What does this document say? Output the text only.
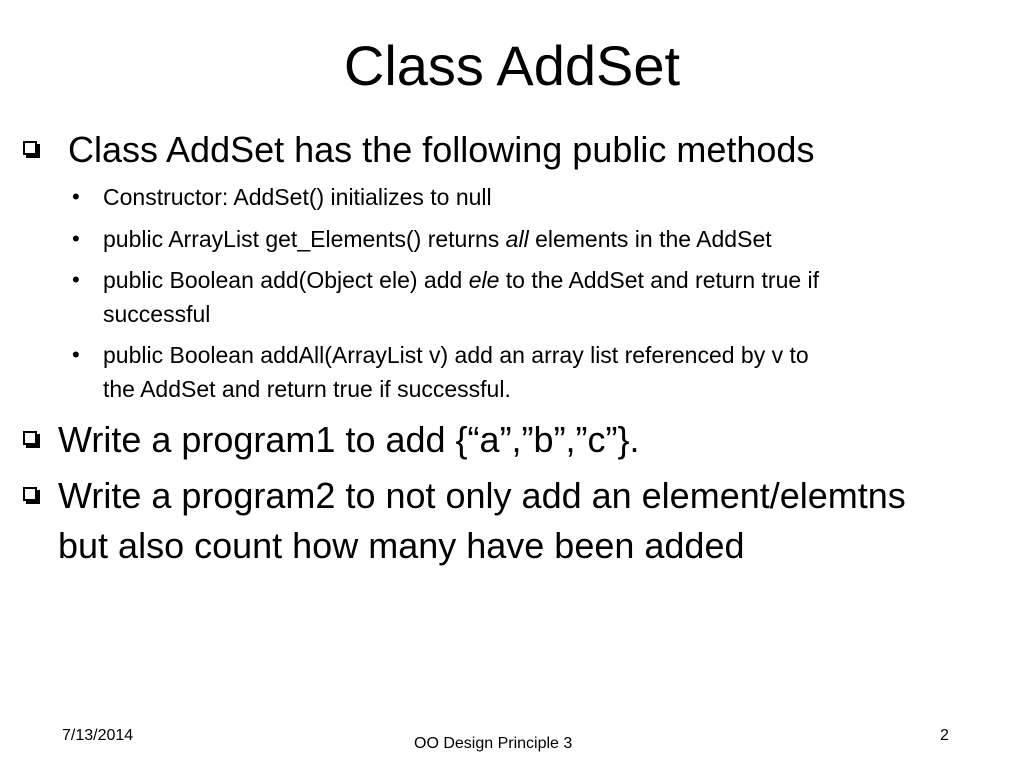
Class AddSet
Class AddSet has the following public methods
• Constructor: AddSet() initializes to null
• public ArrayList get_Elements() returns all elements in the AddSet
• public Boolean add(Object ele) add ele to the AddSet and return true if
successful
• public Boolean addAll(ArrayList v) add an array list referenced by v to
the AddSet and return true if successful.
Write a program1 to add {“a”,”b”,”c”}.
Write a program2 to not only add an element/elemtns
but also count how many have been added
7/13/2014	OO Design Principle 3	2
